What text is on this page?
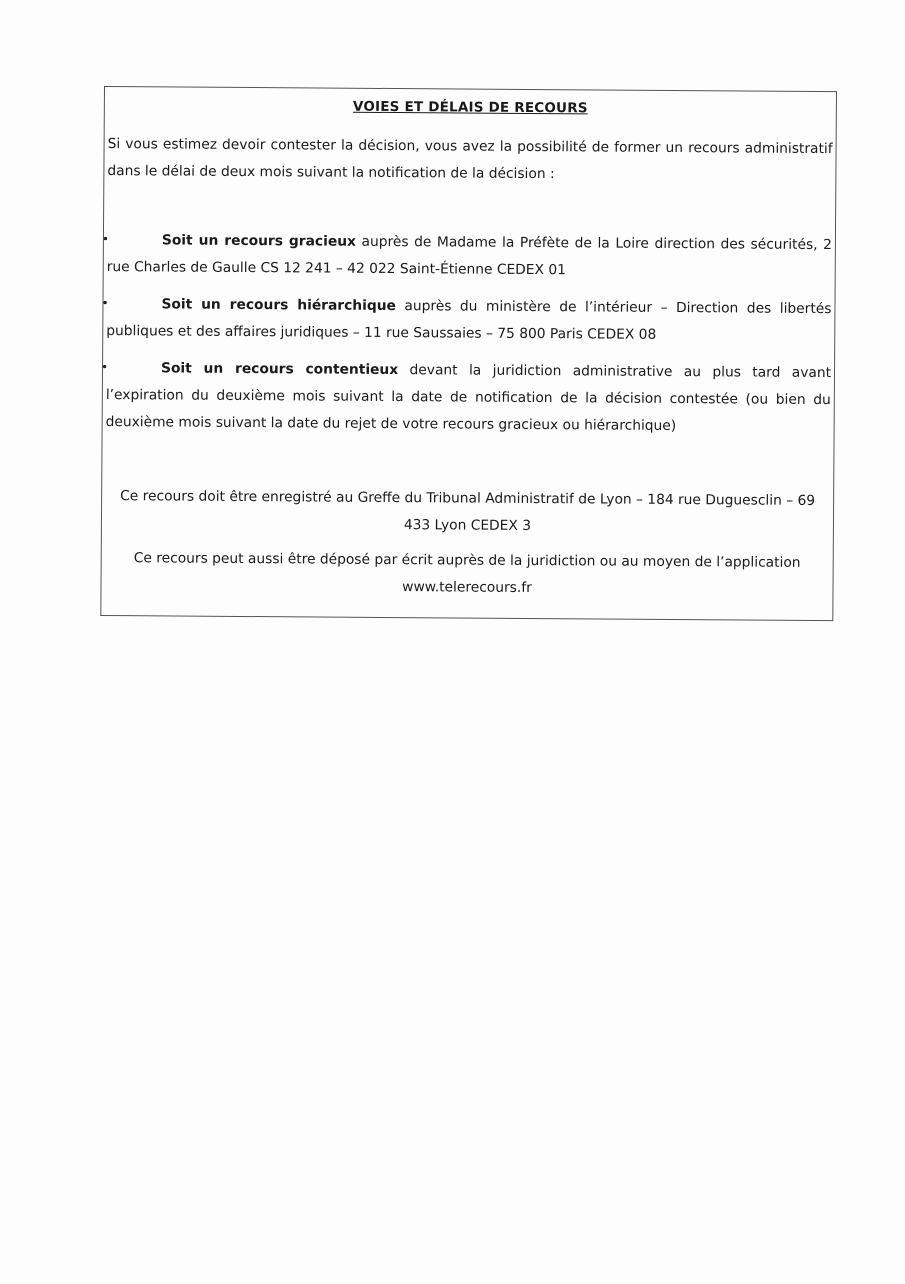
VOIES ET DÉLAIS DE RECOURS
Si vous estimez devoir contester la décision, vous avez la possibilité de former un recours administratif dans le délai de deux mois suivant la notification de la décision :
•	Soit un recours gracieux auprès de Madame la Préfète de la Loire direction des sécurités, 2 rue Charles de Gaulle CS 12 241 – 42 022 Saint-Étienne CEDEX 01
•	Soit un recours hiérarchique auprès du ministère de l’intérieur – Direction des libertés publiques et des affaires juridiques – 11 rue Saussaies – 75 800 Paris CEDEX 08
•	Soit un recours contentieux devant la juridiction administrative au plus tard avant l’expiration du deuxième mois suivant la date de notification de la décision contestée (ou bien du deuxième mois suivant la date du rejet de votre recours gracieux ou hiérarchique)
Ce recours doit être enregistré au Greffe du Tribunal Administratif de Lyon – 184 rue Duguesclin – 69 433 Lyon CEDEX 3
Ce recours peut aussi être déposé par écrit auprès de la juridiction ou au moyen de l’application www.telerecours.fr
